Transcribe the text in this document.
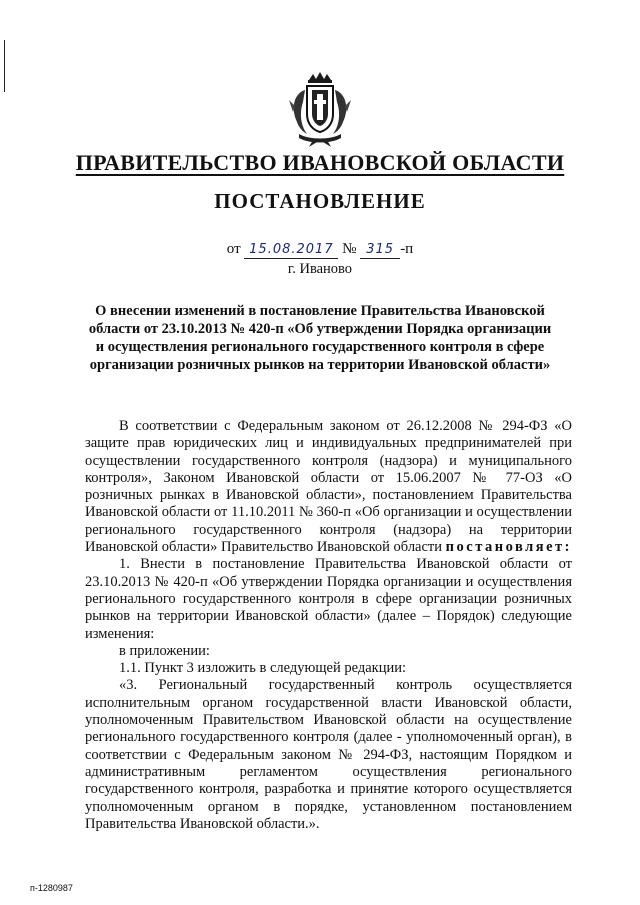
ПРАВИТЕЛЬСТВО ИВАНОВСКОЙ ОБЛАСТИ
ПОСТАНОВЛЕНИЕ
от 15.08.2017 № 315 -п
г. Иваново
О внесении изменений в постановление Правительства Ивановской области от 23.10.2013 № 420-п «Об утверждении Порядка организации и осуществления регионального государственного контроля в сфере организации розничных рынков на территории Ивановской области»

В соответствии с Федеральным законом от 26.12.2008 № 294-ФЗ «О защите прав юридических лиц и индивидуальных предпринимателей при осуществлении государственного контроля (надзора) и муниципального контроля», Законом Ивановской области от 15.06.2007 № 77-ОЗ «О розничных рынках в Ивановской области», постановлением Правительства Ивановской области от 11.10.2011 № 360-п «Об организации и осуществлении регионального государственного контроля (надзора) на территории Ивановской области» Правительство Ивановской области постановляет:

1. Внести в постановление Правительства Ивановской области от 23.10.2013 № 420-п «Об утверждении Порядка организации и осуществления регионального государственного контроля в сфере организации розничных рынков на территории Ивановской области» (далее – Порядок) следующие изменения:

в приложении:

1.1. Пункт 3 изложить в следующей редакции:

«3. Региональный государственный контроль осуществляется исполнительным органом государственной власти Ивановской области, уполномоченным Правительством Ивановской области на осуществление регионального государственного контроля (далее - уполномоченный орган), в соответствии с Федеральным законом № 294-ФЗ, настоящим Порядком и административным регламентом осуществления регионального государственного контроля, разработка и принятие которого осуществляется уполномоченным органом в порядке, установленном постановлением Правительства Ивановской области.».

п-1280987
